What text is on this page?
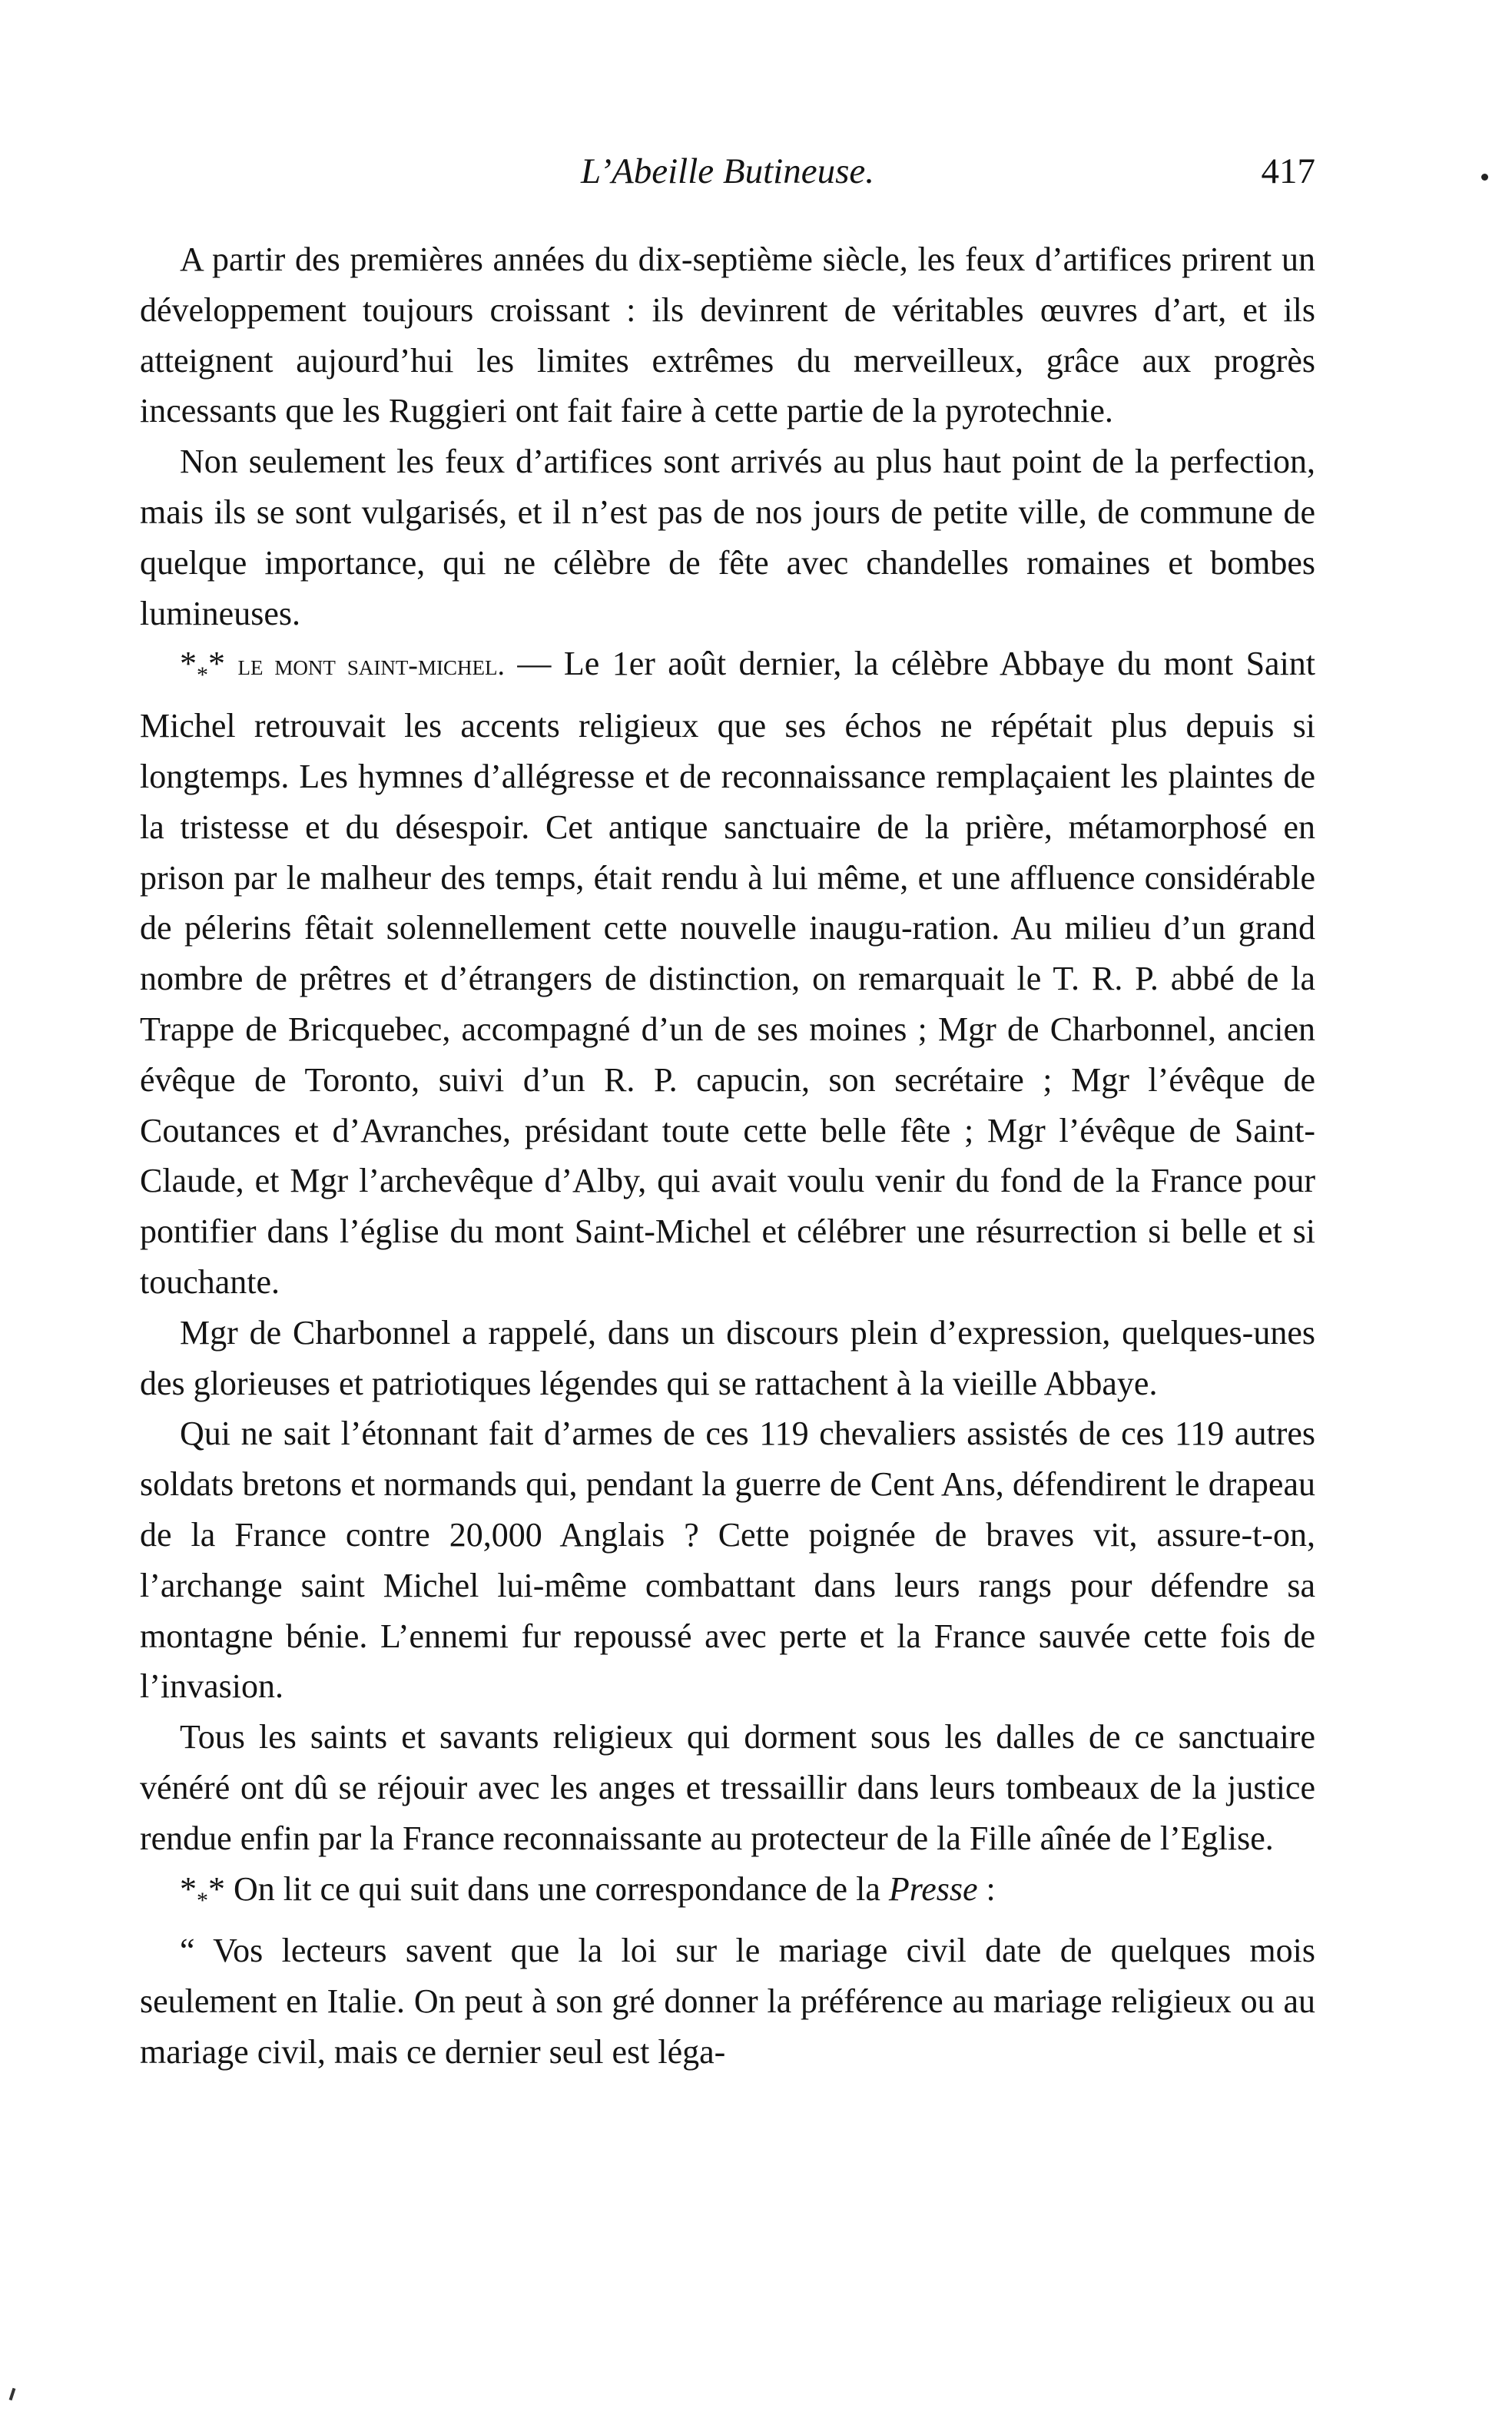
L’Abeille Butineuse.	417

A partir des premières années du dix-septième siècle, les feux d’artifices prirent un développement toujours croissant : ils devinrent de véritables œuvres d’art, et ils atteignent aujourd’hui les limites extrêmes du merveilleux, grâce aux progrès incessants que les Ruggieri ont fait faire à cette partie de la pyrotechnie.

Non seulement les feux d’artifices sont arrivés au plus haut point de la perfection, mais ils se sont vulgarisés, et il n’est pas de nos jours de petite ville, de commune de quelque importance, qui ne célèbre de fête avec chandelles romaines et bombes lumineuses.

$*_**$ le mont saint-michel. — Le 1er août dernier, la célèbre Abbaye du mont Saint Michel retrouvait les accents religieux que ses échos ne répétait plus depuis si longtemps. Les hymnes d’allégresse et de reconnaissance remplaçaient les plaintes de la tristesse et du désespoir. Cet antique sanctuaire de la prière, métamorphosé en prison par le malheur des temps, était rendu à lui même, et une affluence considérable de pélerins fêtait solennellement cette nouvelle inaugu-ration. Au milieu d’un grand nombre de prêtres et d’étrangers de distinction, on remarquait le T. R. P. abbé de la Trappe de Bricquebec, accompagné d’un de ses moines ; Mgr de Charbonnel, ancien évêque de Toronto, suivi d’un R. P. capucin, son secrétaire ; Mgr l’évêque de Coutances et d’Avranches, présidant toute cette belle fête ; Mgr l’évêque de Saint-Claude, et Mgr l’archevêque d’Alby, qui avait voulu venir du fond de la France pour pontifier dans l’église du mont Saint-Michel et célébrer une résurrection si belle et si touchante.

Mgr de Charbonnel a rappelé, dans un discours plein d’expression, quelques-unes des glorieuses et patriotiques légendes qui se rattachent à la vieille Abbaye.

Qui ne sait l’étonnant fait d’armes de ces 119 chevaliers assistés de ces 119 autres soldats bretons et normands qui, pendant la guerre de Cent Ans, défendirent le drapeau de la France contre 20,000 Anglais ? Cette poignée de braves vit, assure-t-on, l’archange saint Michel lui-même combattant dans leurs rangs pour défendre sa montagne bénie. L’ennemi fur repoussé avec perte et la France sauvée cette fois de l’invasion.

Tous les saints et savants religieux qui dorment sous les dalles de ce sanctuaire vénéré ont dû se réjouir avec les anges et tressaillir dans leurs tombeaux de la justice rendue enfin par la France reconnaissante au protecteur de la Fille aînée de l’Eglise.

$*_**$ On lit ce qui suit dans une correspondance de la Presse :

“ Vos lecteurs savent que la loi sur le mariage civil date de quelques mois seulement en Italie. On peut à son gré donner la préférence au mariage religieux ou au mariage civil, mais ce dernier seul est léga-
